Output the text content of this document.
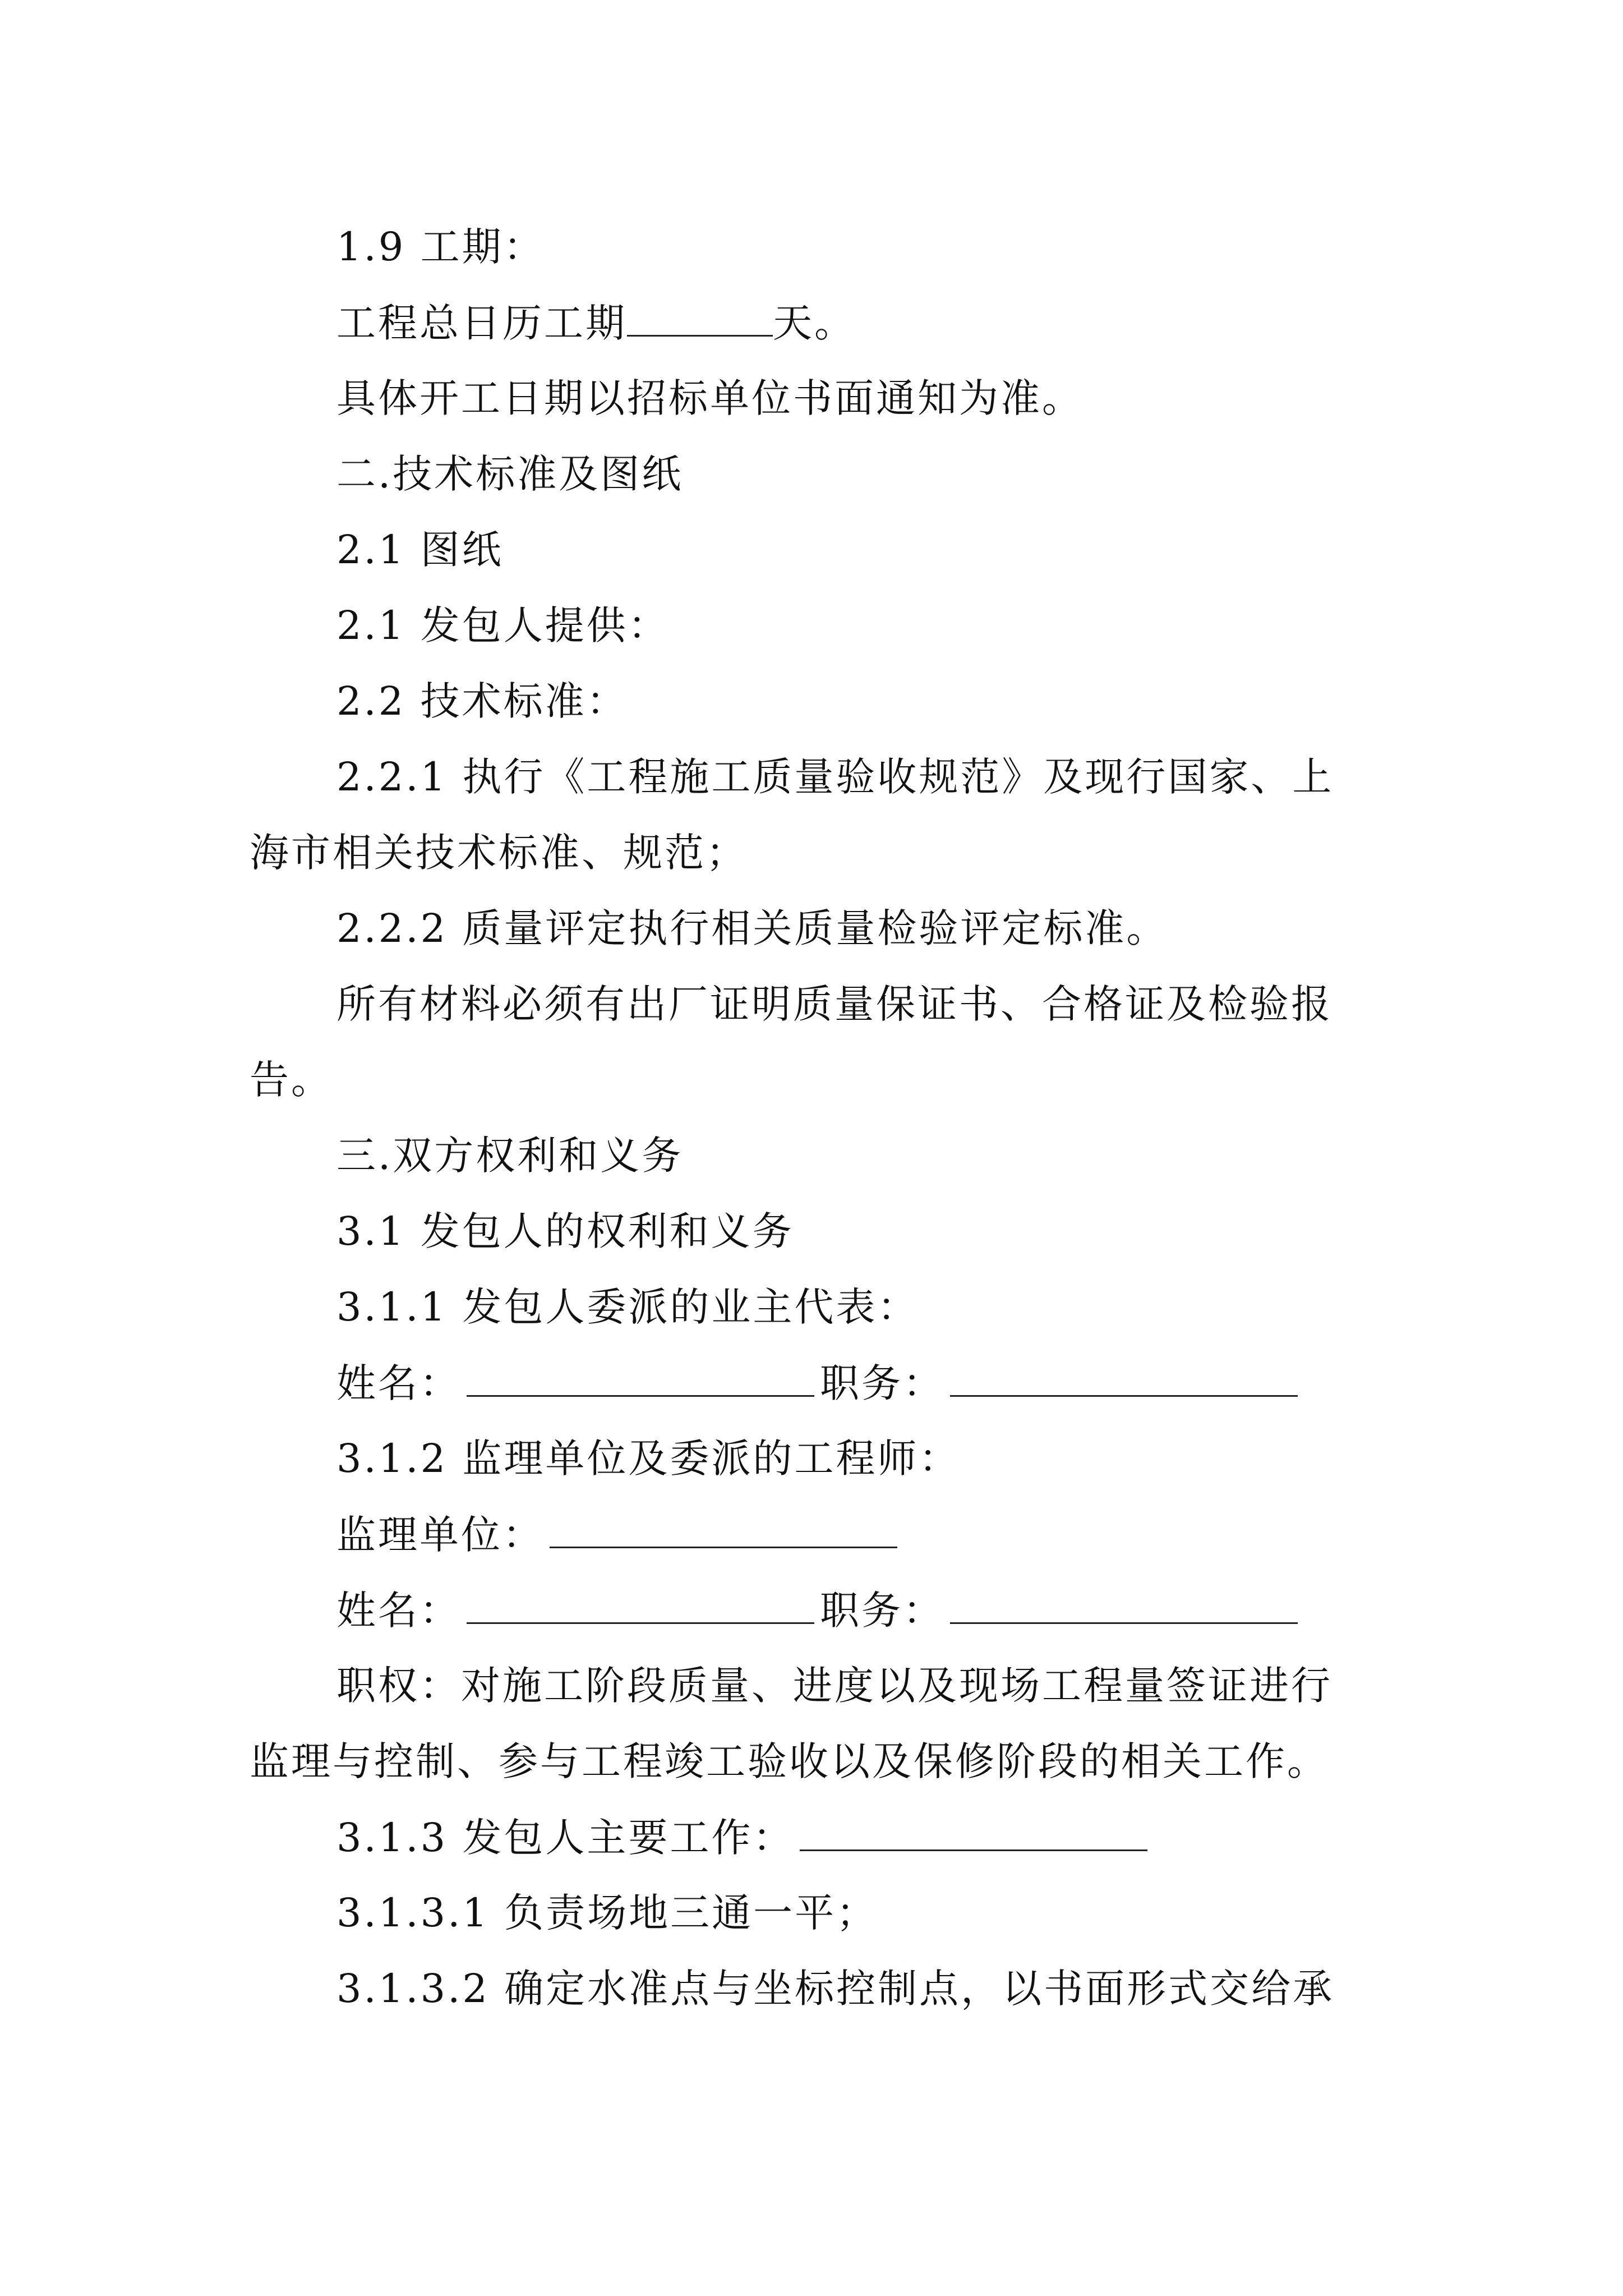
1.9 工期：
工程总日历工期	天。
具体开工日期以招标单位书面通知为准。
二.技术标准及图纸
2.1 图纸
2.1 发包人提供：
2.2 技术标准：
2.2.1 执行《工程施工质量验收规范》及现行国家、上
海市相关技术标准、规范；
2.2.2 质量评定执行相关质量检验评定标准。
所有材料必须有出厂证明质量保证书、合格证及检验报
告。
三.双方权利和义务
3.1 发包人的权利和义务
3.1.1 发包人委派的业主代表：
姓名：	职务：
3.1.2 监理单位及委派的工程师：
监理单位：
姓名：	职务：
职权：对施工阶段质量、进度以及现场工程量签证进行
监理与控制、参与工程竣工验收以及保修阶段的相关工作。
3.1.3 发包人主要工作：
3.1.3.1 负责场地三通一平；
3.1.3.2 确定水准点与坐标控制点，以书面形式交给承
